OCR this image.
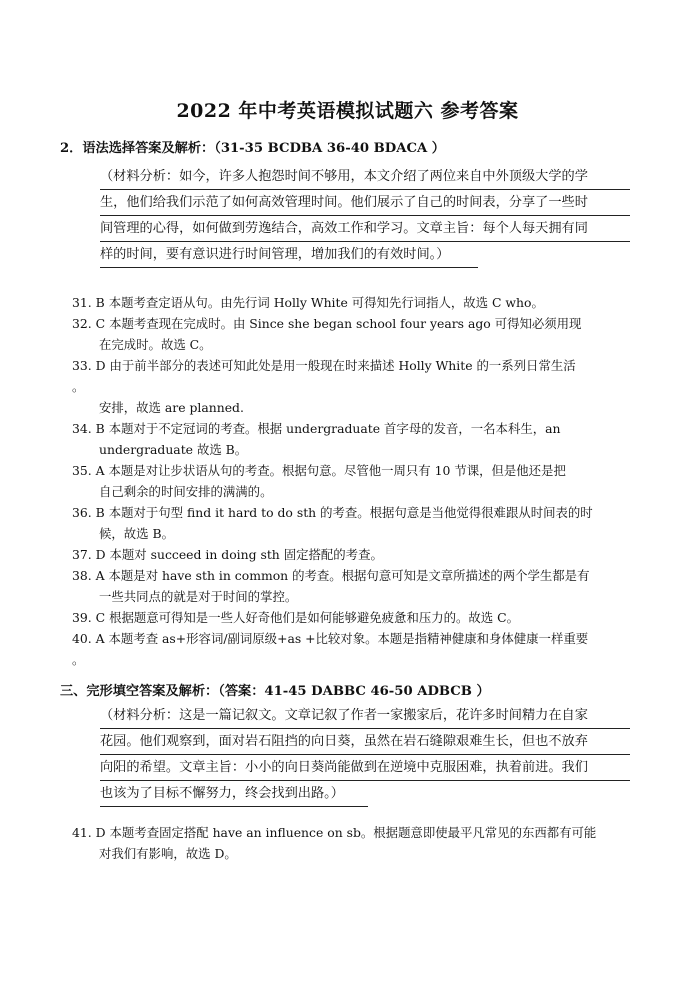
2022 年中考英语模拟试题六 参考答案
2．语法选择答案及解析：（31-35 BCDBA 36-40 BDACA ）
（材料分析：如今，许多人抱怨时间不够用，本文介绍了两位来自中外顶级大学的学
生，他们给我们示范了如何高效管理时间。他们展示了自己的时间表，分享了一些时
间管理的心得，如何做到劳逸结合，高效工作和学习。文章主旨：每个人每天拥有同
样的时间，要有意识进行时间管理，增加我们的有效时间。）
31. B 本题考查定语从句。由先行词 Holly White 可得知先行词指人，故选 C who。
32. C 本题考查现在完成时。由 Since she began school four years ago 可得知必须用现
在完成时。故选 C。
33. D 由于前半部分的表述可知此处是用一般现在时来描述 Holly White 的一系列日常生活
。
安排，故选 are planned.
34. B 本题对于不定冠词的考查。根据 undergraduate 首字母的发音，一名本科生，an
undergraduate 故选 B。
35. A 本题是对让步状语从句的考查。根据句意。尽管他一周只有 10 节课，但是他还是把
自己剩余的时间安排的满满的。
36. B 本题对于句型 find it hard to do sth 的考查。根据句意是当他觉得很难跟从时间表的时
候，故选 B。
37. D 本题对 succeed in doing sth 固定搭配的考查。
38. A 本题是对 have sth in common 的考查。根据句意可知是文章所描述的两个学生都是有
一些共同点的就是对于时间的掌控。
39. C 根据题意可得知是一些人好奇他们是如何能够避免疲惫和压力的。故选 C。
40. A 本题考查 as+形容词/副词原级+as +比较对象。本题是指精神健康和身体健康一样重要
。
三、完形填空答案及解析：（答案：41-45 DABBC 46-50 ADBCB ）
（材料分析：这是一篇记叙文。文章记叙了作者一家搬家后，花许多时间精力在自家
花园。他们观察到，面对岩石阻挡的向日葵，虽然在岩石缝隙艰难生长，但也不放弃
向阳的希望。文章主旨：小小的向日葵尚能做到在逆境中克服困难，执着前进。我们
也该为了目标不懈努力，终会找到出路。）
41. D 本题考查固定搭配 have an influence on sb。根据题意即使最平凡常见的东西都有可能
对我们有影响，故选 D。
